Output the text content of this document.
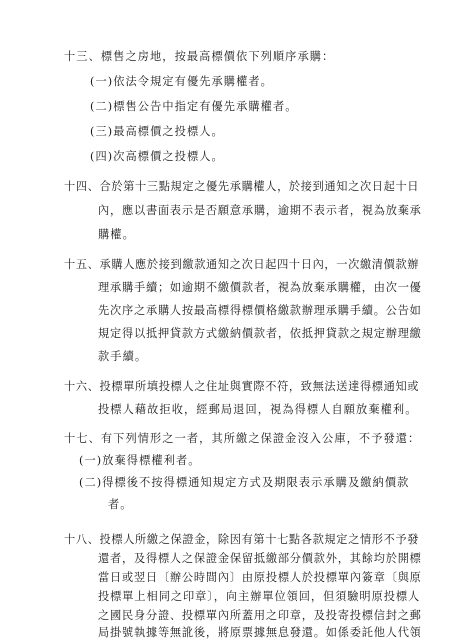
十三、標售之房地，按最高標價依下列順序承購：
(一)依法令規定有優先承購權者。
(二)標售公告中指定有優先承購權者。
(三)最高標價之投標人。
(四)次高標價之投標人。
十四、合於第十三點規定之優先承購權人，於接到通知之次日起十日
內，應以書面表示是否願意承購，逾期不表示者，視為放棄承
購權。
十五、承購人應於接到繳款通知之次日起四十日內，一次繳清價款辦
理承購手續；如逾期不繳價款者，視為放棄承購權，由次一優
先次序之承購人按最高標得標價格繳款辦理承購手續。公告如
規定得以抵押貸款方式繳納價款者，依抵押貸款之規定辦理繳
款手續。
十六、投標單所填投標人之住址與實際不符，致無法送達得標通知或
投標人藉故拒收，經郵局退回，視為得標人自願放棄權利。
十七、有下列情形之一者，其所繳之保證金沒入公庫，不予發還：
(一)放棄得標權利者。
(二)得標後不按得標通知規定方式及期限表示承購及繳納價款
者。
十八、投標人所繳之保證金，除因有第十七點各款規定之情形不予發
還者，及得標人之保證金保留抵繳部分價款外，其餘均於開標
當日或翌日〔辦公時間內〕由原投標人於投標單內簽章〔與原
投標單上相同之印章〕，向主辦單位領回，但須驗明原投標人
之國民身分證、投標單內所蓋用之印章，及投寄投標信封之郵
局掛號執據等無訛後，將原票據無息發還。如係委託他人代領
